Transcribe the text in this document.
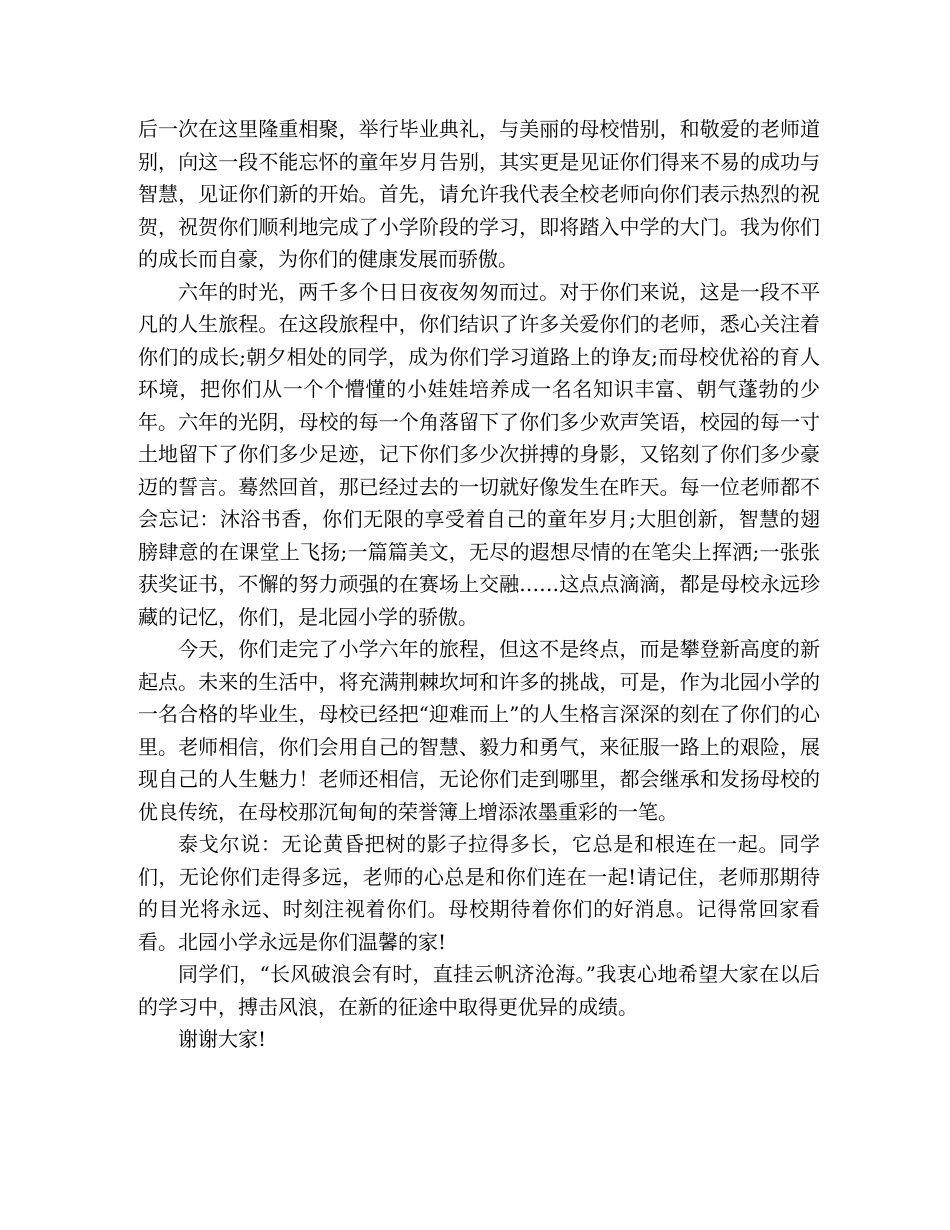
后一次在这里隆重相聚，举行毕业典礼，与美丽的母校惜别，和敬爱的老师道别，向这一段不能忘怀的童年岁月告别，其实更是见证你们得来不易的成功与智慧，见证你们新的开始。首先，请允许我代表全校老师向你们表示热烈的祝贺，祝贺你们顺利地完成了小学阶段的学习，即将踏入中学的大门。我为你们的成长而自豪，为你们的健康发展而骄傲。

六年的时光，两千多个日日夜夜匆匆而过。对于你们来说，这是一段不平凡的人生旅程。在这段旅程中，你们结识了许多关爱你们的老师，悉心关注着你们的成长;朝夕相处的同学，成为你们学习道路上的诤友;而母校优裕的育人环境，把你们从一个个懵懂的小娃娃培养成一名名知识丰富、朝气蓬勃的少年。六年的光阴，母校的每一个角落留下了你们多少欢声笑语，校园的每一寸土地留下了你们多少足迹，记下你们多少次拼搏的身影，又铭刻了你们多少豪迈的誓言。蓦然回首，那已经过去的一切就好像发生在昨天。每一位老师都不会忘记：沐浴书香，你们无限的享受着自己的童年岁月;大胆创新，智慧的翅膀肆意的在课堂上飞扬;一篇篇美文，无尽的遐想尽情的在笔尖上挥洒;一张张获奖证书，不懈的努力顽强的在赛场上交融……这点点滴滴，都是母校永远珍藏的记忆，你们，是北园小学的骄傲。

今天，你们走完了小学六年的旅程，但这不是终点，而是攀登新高度的新起点。未来的生活中，将充满荆棘坎坷和许多的挑战，可是，作为北园小学的一名合格的毕业生，母校已经把“迎难而上”的人生格言深深的刻在了你们的心里。老师相信，你们会用自己的智慧、毅力和勇气，来征服一路上的艰险，展现自己的人生魅力！老师还相信，无论你们走到哪里，都会继承和发扬母校的优良传统，在母校那沉甸甸的荣誉簿上增添浓墨重彩的一笔。

泰戈尔说：无论黄昏把树的影子拉得多长，它总是和根连在一起。同学们，无论你们走得多远，老师的心总是和你们连在一起!请记住，老师那期待的目光将永远、时刻注视着你们。母校期待着你们的好消息。记得常回家看看。北园小学永远是你们温馨的家!

同学们，“长风破浪会有时，直挂云帆济沧海。”我衷心地希望大家在以后的学习中，搏击风浪，在新的征途中取得更优异的成绩。

谢谢大家!
